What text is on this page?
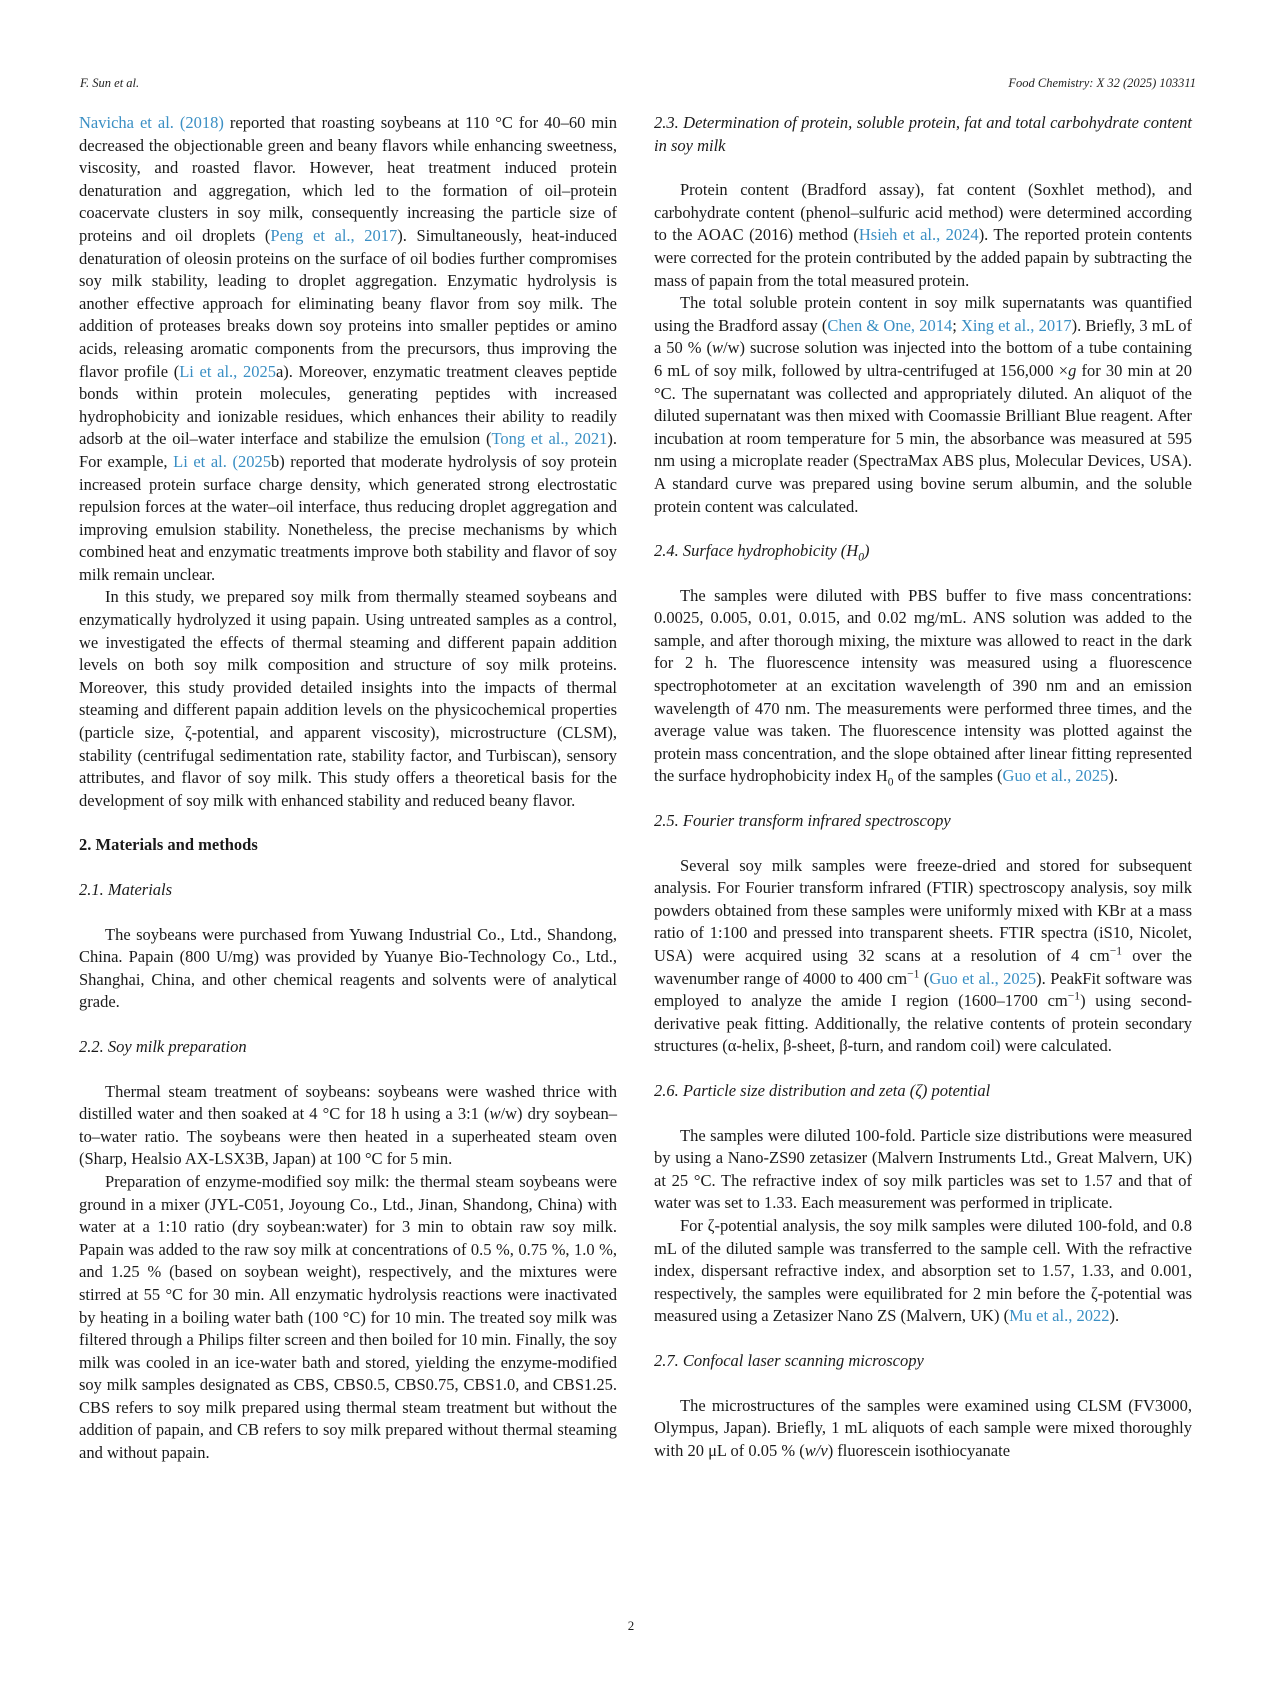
F. Sun et al.	Food Chemistry: X 32 (2025) 103311

Navicha et al. (2018) reported that roasting soybeans at 110 °C for 40–60 min decreased the objectionable green and beany flavors while enhancing sweetness, viscosity, and roasted flavor. However, heat treatment induced protein denaturation and aggregation, which led to the formation of oil–protein coacervate clusters in soy milk, consequently increasing the particle size of proteins and oil droplets (Peng et al., 2017). Simultaneously, heat-induced denaturation of oleosin proteins on the surface of oil bodies further compromises soy milk stability, leading to droplet aggregation. Enzymatic hydrolysis is another effective approach for eliminating beany flavor from soy milk. The addition of proteases breaks down soy proteins into smaller peptides or amino acids, releasing aromatic components from the precursors, thus improving the flavor profile (Li et al., 2025a). Moreover, enzymatic treatment cleaves peptide bonds within protein molecules, generating peptides with increased hydrophobicity and ionizable residues, which enhances their ability to readily adsorb at the oil–water interface and stabilize the emulsion (Tong et al., 2021). For example, Li et al. (2025b) reported that moderate hydrolysis of soy protein increased protein surface charge density, which generated strong electrostatic repulsion forces at the water–oil interface, thus reducing droplet aggregation and improving emulsion stability. Nonetheless, the precise mechanisms by which combined heat and enzymatic treatments improve both stability and flavor of soy milk remain unclear.

In this study, we prepared soy milk from thermally steamed soybeans and enzymatically hydrolyzed it using papain. Using untreated samples as a control, we investigated the effects of thermal steaming and different papain addition levels on both soy milk composition and structure of soy milk proteins. Moreover, this study provided detailed insights into the impacts of thermal steaming and different papain addition levels on the physicochemical properties (particle size, ζ-potential, and apparent viscosity), microstructure (CLSM), stability (centrifugal sedimentation rate, stability factor, and Turbiscan), sensory attributes, and flavor of soy milk. This study offers a theoretical basis for the development of soy milk with enhanced stability and reduced beany flavor.

2. Materials and methods
2.1. Materials

The soybeans were purchased from Yuwang Industrial Co., Ltd., Shandong, China. Papain (800 U/mg) was provided by Yuanye Bio-Technology Co., Ltd., Shanghai, China, and other chemical reagents and solvents were of analytical grade.

2.2. Soy milk preparation

Thermal steam treatment of soybeans: soybeans were washed thrice with distilled water and then soaked at 4 °C for 18 h using a 3:1 (w/w) dry soybean–to–water ratio. The soybeans were then heated in a superheated steam oven (Sharp, Healsio AX-LSX3B, Japan) at 100 °C for 5 min.

Preparation of enzyme-modified soy milk: the thermal steam soybeans were ground in a mixer (JYL-C051, Joyoung Co., Ltd., Jinan, Shandong, China) with water at a 1:10 ratio (dry soybean:water) for 3 min to obtain raw soy milk. Papain was added to the raw soy milk at concentrations of 0.5 %, 0.75 %, 1.0 %, and 1.25 % (based on soybean weight), respectively, and the mixtures were stirred at 55 °C for 30 min. All enzymatic hydrolysis reactions were inactivated by heating in a boiling water bath (100 °C) for 10 min. The treated soy milk was filtered through a Philips filter screen and then boiled for 10 min. Finally, the soy milk was cooled in an ice-water bath and stored, yielding the enzyme-modified soy milk samples designated as CBS, CBS0.5, CBS0.75, CBS1.0, and CBS1.25. CBS refers to soy milk prepared using thermal steam treatment but without the addition of papain, and CB refers to soy milk prepared without thermal steaming and without papain.

2.3. Determination of protein, soluble protein, fat and total carbohydrate content in soy milk

Protein content (Bradford assay), fat content (Soxhlet method), and carbohydrate content (phenol–sulfuric acid method) were determined according to the AOAC (2016) method (Hsieh et al., 2024). The reported protein contents were corrected for the protein contributed by the added papain by subtracting the mass of papain from the total measured protein.

The total soluble protein content in soy milk supernatants was quantified using the Bradford assay (Chen & One, 2014; Xing et al., 2017). Briefly, 3 mL of a 50 % (w/w) sucrose solution was injected into the bottom of a tube containing 6 mL of soy milk, followed by ultra-centrifuged at 156,000 ×g for 30 min at 20 °C. The supernatant was collected and appropriately diluted. An aliquot of the diluted supernatant was then mixed with Coomassie Brilliant Blue reagent. After incubation at room temperature for 5 min, the absorbance was measured at 595 nm using a microplate reader (SpectraMax ABS plus, Molecular Devices, USA). A standard curve was prepared using bovine serum albumin, and the soluble protein content was calculated.

2.4. Surface hydrophobicity $(H_0)$

The samples were diluted with PBS buffer to five mass concentrations: 0.0025, 0.005, 0.01, 0.015, and 0.02 mg/mL. ANS solution was added to the sample, and after thorough mixing, the mixture was allowed to react in the dark for 2 h. The fluorescence intensity was measured using a fluorescence spectrophotometer at an excitation wavelength of 390 nm and an emission wavelength of 470 nm. The measurements were performed three times, and the average value was taken. The fluorescence intensity was plotted against the protein mass concentration, and the slope obtained after linear fitting represented the surface hydrophobicity index $H_0$ of the samples (Guo et al., 2025).

2.5. Fourier transform infrared spectroscopy

Several soy milk samples were freeze-dried and stored for subsequent analysis. For Fourier transform infrared (FTIR) spectroscopy analysis, soy milk powders obtained from these samples were uniformly mixed with KBr at a mass ratio of 1:100 and pressed into transparent sheets. FTIR spectra (iS10, Nicolet, USA) were acquired using 32 scans at a resolution of 4 $cm^{-1}$ over the wavenumber range of 4000 to 400 $cm^{-1}$ (Guo et al., 2025). PeakFit software was employed to analyze the amide I region (1600–1700 $cm^{-1}$) using second-derivative peak fitting. Additionally, the relative contents of protein secondary structures (α-helix, β-sheet, β-turn, and random coil) were calculated.

2.6. Particle size distribution and zeta (ζ) potential

The samples were diluted 100-fold. Particle size distributions were measured by using a Nano-ZS90 zetasizer (Malvern Instruments Ltd., Great Malvern, UK) at 25 °C. The refractive index of soy milk particles was set to 1.57 and that of water was set to 1.33. Each measurement was performed in triplicate.

For ζ-potential analysis, the soy milk samples were diluted 100-fold, and 0.8 mL of the diluted sample was transferred to the sample cell. With the refractive index, dispersant refractive index, and absorption set to 1.57, 1.33, and 0.001, respectively, the samples were equilibrated for 2 min before the ζ-potential was measured using a Zetasizer Nano ZS (Malvern, UK) (Mu et al., 2022).

2.7. Confocal laser scanning microscopy

The microstructures of the samples were examined using CLSM (FV3000, Olympus, Japan). Briefly, 1 mL aliquots of each sample were mixed thoroughly with 20 μL of 0.05 % (w/v) fluorescein isothiocyanate

2
